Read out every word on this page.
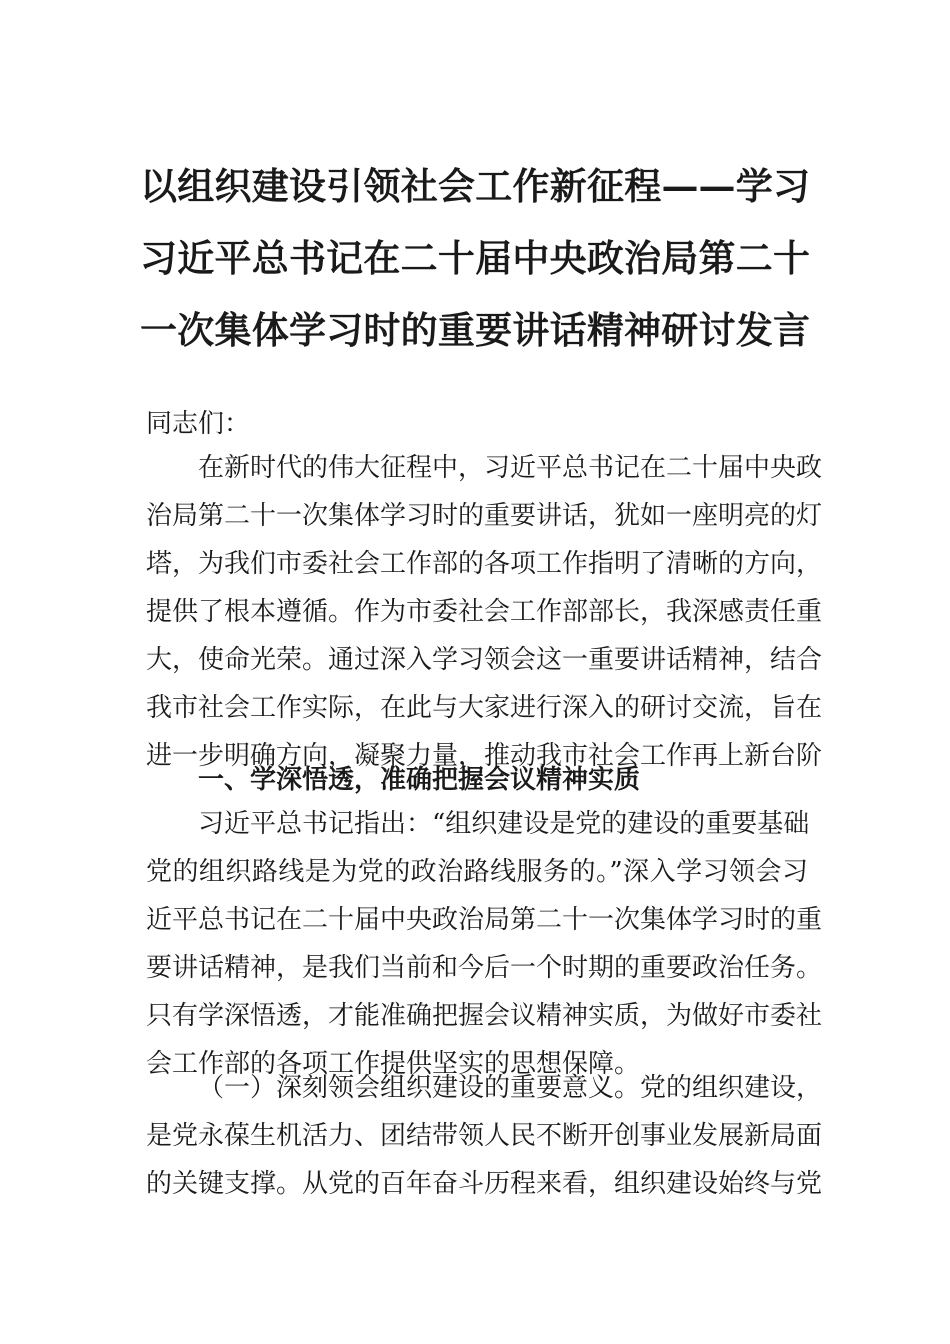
以组织建设引领社会工作新征程——学习
习近平总书记在二十届中央政治局第二十
一次集体学习时的重要讲话精神研讨发言
同志们：
在新时代的伟大征程中，习近平总书记在二十届中央政
治局第二十一次集体学习时的重要讲话，犹如一座明亮的灯
塔，为我们市委社会工作部的各项工作指明了清晰的方向，
提供了根本遵循。作为市委社会工作部部长，我深感责任重
大，使命光荣。通过深入学习领会这一重要讲话精神，结合
我市社会工作实际，在此与大家进行深入的研讨交流，旨在
进一步明确方向，凝聚力量，推动我市社会工作再上新台阶
一、学深悟透，准确把握会议精神实质
习近平总书记指出：“组织建设是党的建设的重要基础
党的组织路线是为党的政治路线服务的。”深入学习领会习
近平总书记在二十届中央政治局第二十一次集体学习时的重
要讲话精神，是我们当前和今后一个时期的重要政治任务。
只有学深悟透，才能准确把握会议精神实质，为做好市委社
会工作部的各项工作提供坚实的思想保障。
（一）深刻领会组织建设的重要意义。党的组织建设，
是党永葆生机活力、团结带领人民不断开创事业发展新局面
的关键支撑。从党的百年奋斗历程来看，组织建设始终与党
